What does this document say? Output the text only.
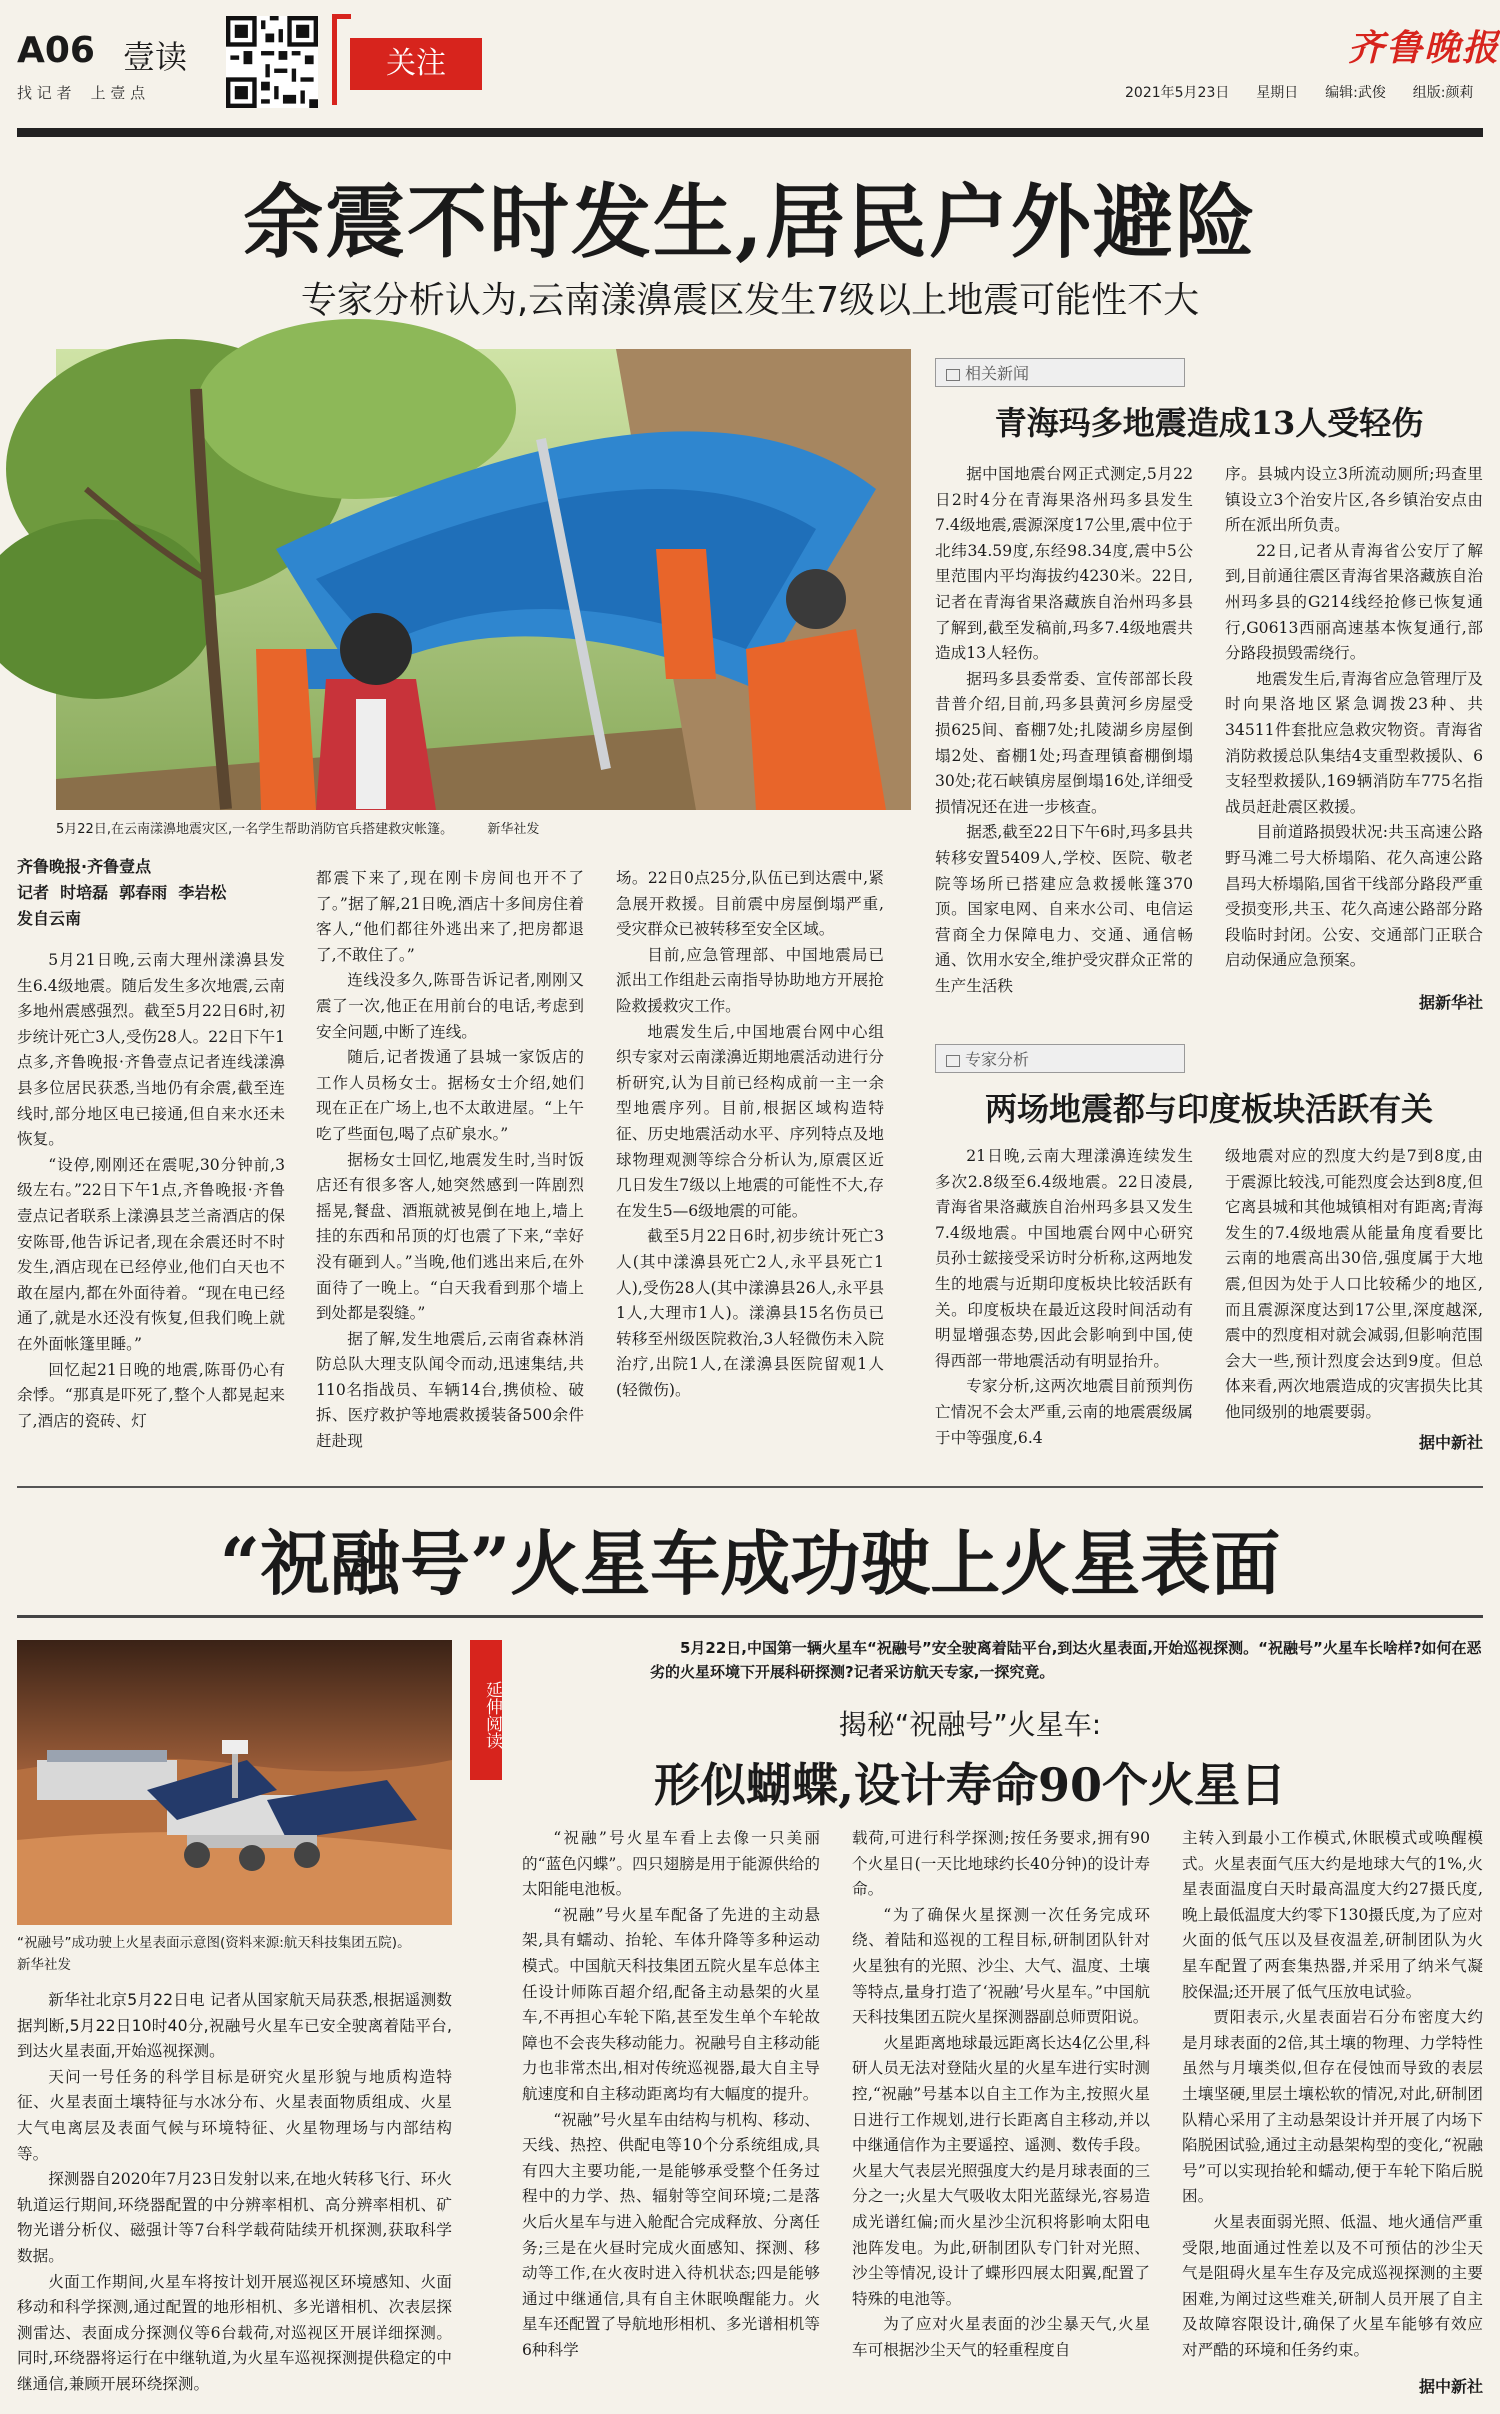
A06 壹读
找 记 者    上 壹 点
关注	齐鲁晚报
2021年5月23日 星期日 编辑:武俊 组版:颜莉
余震不时发生,居民户外避险
专家分析认为,云南漾濞震区发生7级以上地震可能性不大
5月22日,在云南漾濞地震灾区,一名学生帮助消防官兵搭建救灾帐篷。	新华社发
齐鲁晚报·齐鲁壹点
记者  时培磊  郭春雨  李岩松
发自云南

5月21日晚,云南大理州漾濞县发生6.4级地震。随后发生多次地震,云南多地州震感强烈。截至5月22日6时,初步统计死亡3人,受伤28人。22日下午1点多,齐鲁晚报·齐鲁壹点记者连线漾濞县多位居民获悉,当地仍有余震,截至连线时,部分地区电已接通,但自来水还未恢复。

“设停,刚刚还在震呢,30分钟前,3级左右。”22日下午1点,齐鲁晚报·齐鲁壹点记者联系上漾濞县芝兰斋酒店的保安陈哥,他告诉记者,现在余震还时不时发生,酒店现在已经停业,他们白天也不敢在屋内,都在外面待着。“现在电已经通了,就是水还没有恢复,但我们晚上就在外面帐篷里睡。”

回忆起21日晚的地震,陈哥仍心有余悸。“那真是吓死了,整个人都晃起来了,酒店的瓷砖、灯

都震下来了,现在刚卡房间也开不了了。”据了解,21日晚,酒店十多间房住着客人,“他们都往外逃出来了,把房都退了,不敢住了。”

连线没多久,陈哥告诉记者,刚刚又震了一次,他正在用前台的电话,考虑到安全问题,中断了连线。

随后,记者拨通了县城一家饭店的工作人员杨女士。据杨女士介绍,她们现在正在广场上,也不太敢进屋。“上午吃了些面包,喝了点矿泉水。”

据杨女士回忆,地震发生时,当时饭店还有很多客人,她突然感到一阵剧烈摇晃,餐盘、酒瓶就被晃倒在地上,墙上挂的东西和吊顶的灯也震了下来,“幸好没有砸到人。”当晚,他们逃出来后,在外面待了一晚上。“白天我看到那个墙上到处都是裂缝。”

据了解,发生地震后,云南省森林消防总队大理支队闻令而动,迅速集结,共110名指战员、车辆14台,携侦检、破拆、医疗救护等地震救援装备500余件赶赴现

场。22日0点25分,队伍已到达震中,紧急展开救援。目前震中房屋倒塌严重,受灾群众已被转移至安全区域。

目前,应急管理部、中国地震局已派出工作组赴云南指导协助地方开展抢险救援救灾工作。

地震发生后,中国地震台网中心组织专家对云南漾濞近期地震活动进行分析研究,认为目前已经构成前一主一余型地震序列。目前,根据区域构造特征、历史地震活动水平、序列特点及地球物理观测等综合分析认为,原震区近几日发生7级以上地震的可能性不大,存在发生5—6级地震的可能。

截至5月22日6时,初步统计死亡3人(其中漾濞县死亡2人,永平县死亡1人),受伤28人(其中漾濞县26人,永平县1人,大理市1人)。漾濞县15名伤员已转移至州级医院救治,3人轻微伤未入院治疗,出院1人,在漾濞县医院留观1人(轻微伤)。

相关新闻
青海玛多地震造成13人受轻伤

据中国地震台网正式测定,5月22日2时4分在青海果洛州玛多县发生7.4级地震,震源深度17公里,震中位于北纬34.59度,东经98.34度,震中5公里范围内平均海拔约4230米。22日,记者在青海省果洛藏族自治州玛多县了解到,截至发稿前,玛多7.4级地震共造成13人轻伤。

据玛多县委常委、宣传部部长段昔普介绍,目前,玛多县黄河乡房屋受损625间、畜棚7处;扎陵湖乡房屋倒塌2处、畜棚1处;玛查理镇畜棚倒塌30处;花石峡镇房屋倒塌16处,详细受损情况还在进一步核查。

据悉,截至22日下午6时,玛多县共转移安置5409人,学校、医院、敬老院等场所已搭建应急救援帐篷370顶。国家电网、自来水公司、电信运营商全力保障电力、交通、通信畅通、饮用水安全,维护受灾群众正常的生产生活秩

序。县城内设立3所流动厕所;玛查里镇设立3个治安片区,各乡镇治安点由所在派出所负责。

22日,记者从青海省公安厅了解到,目前通往震区青海省果洛藏族自治州玛多县的G214线经抢修已恢复通行,G0613西丽高速基本恢复通行,部分路段损毁需绕行。

地震发生后,青海省应急管理厅及时向果洛地区紧急调拨23种、共34511件套批应急救灾物资。青海省消防救援总队集结4支重型救援队、6支轻型救援队,169辆消防车775名指战员赶赴震区救援。

目前道路损毁状况:共玉高速公路野马滩二号大桥塌陷、花久高速公路昌玛大桥塌陷,国省干线部分路段严重受损变形,共玉、花久高速公路部分路段临时封闭。公安、交通部门正联合启动保通应急预案。

据新华社
专家分析
两场地震都与印度板块活跃有关

21日晚,云南大理漾濞连续发生多次2.8级至6.4级地震。22日凌晨,青海省果洛藏族自治州玛多县又发生7.4级地震。中国地震台网中心研究员孙士鋐接受采访时分析称,这两地发生的地震与近期印度板块比较活跃有关。印度板块在最近这段时间活动有明显增强态势,因此会影响到中国,使得西部一带地震活动有明显抬升。

专家分析,这两次地震目前预判伤亡情况不会太严重,云南的地震震级属于中等强度,6.4

级地震对应的烈度大约是7到8度,由于震源比较浅,可能烈度会达到8度,但它离县城和其他城镇相对有距离;青海发生的7.4级地震从能量角度看要比云南的地震高出30倍,强度属于大地震,但因为处于人口比较稀少的地区,而且震源深度达到17公里,深度越深,震中的烈度相对就会减弱,但影响范围会大一些,预计烈度会达到9度。但总体来看,两次地震造成的灾害损失比其他同级别的地震要弱。

据中新社
“祝融号”火星车成功驶上火星表面
“祝融号”成功驶上火星表面示意图(资料来源:航天科技集团五院)。  新华社发
延伸阅读
5月22日,中国第一辆火星车“祝融号”安全驶离着陆平台,到达火星表面,开始巡视探测。“祝融号”火星车长啥样?如何在恶劣的火星环境下开展科研探测?记者采访航天专家,一探究竟。
揭秘“祝融号”火星车:
形似蝴蝶,设计寿命90个火星日

新华社北京5月22日电 记者从国家航天局获悉,根据遥测数据判断,5月22日10时40分,祝融号火星车已安全驶离着陆平台,到达火星表面,开始巡视探测。

天问一号任务的科学目标是研究火星形貌与地质构造特征、火星表面土壤特征与水冰分布、火星表面物质组成、火星大气电离层及表面气候与环境特征、火星物理场与内部结构等。

探测器自2020年7月23日发射以来,在地火转移飞行、环火轨道运行期间,环绕器配置的中分辨率相机、高分辨率相机、矿物光谱分析仪、磁强计等7台科学载荷陆续开机探测,获取科学数据。

火面工作期间,火星车将按计划开展巡视区环境感知、火面移动和科学探测,通过配置的地形相机、多光谱相机、次表层探测雷达、表面成分探测仪等6台载荷,对巡视区开展详细探测。同时,环绕器将运行在中继轨道,为火星车巡视探测提供稳定的中继通信,兼顾开展环绕探测。

“祝融”号火星车看上去像一只美丽的“蓝色闪蝶”。四只翅膀是用于能源供给的太阳能电池板。

“祝融”号火星车配备了先进的主动悬架,具有蠕动、抬轮、车体升降等多种运动模式。中国航天科技集团五院火星车总体主任设计师陈百超介绍,配备主动悬架的火星车,不再担心车轮下陷,甚至发生单个车轮故障也不会丧失移动能力。祝融号自主移动能力也非常杰出,相对传统巡视器,最大自主导航速度和自主移动距离均有大幅度的提升。

“祝融”号火星车由结构与机构、移动、天线、热控、供配电等10个分系统组成,具有四大主要功能,一是能够承受整个任务过程中的力学、热、辐射等空间环境;二是落火后火星车与进入舱配合完成释放、分离任务;三是在火昼时完成火面感知、探测、移动等工作,在火夜时进入待机状态;四是能够通过中继通信,具有自主休眠唤醒能力。火星车还配置了导航地形相机、多光谱相机等6种科学

载荷,可进行科学探测;按任务要求,拥有90个火星日(一天比地球约长40分钟)的设计寿命。

“为了确保火星探测一次任务完成环绕、着陆和巡视的工程目标,研制团队针对火星独有的光照、沙尘、大气、温度、土壤等特点,量身打造了‘祝融’号火星车。”中国航天科技集团五院火星探测器副总师贾阳说。

火星距离地球最远距离长达4亿公里,科研人员无法对登陆火星的火星车进行实时测控,“祝融”号基本以自主工作为主,按照火星日进行工作规划,进行长距离自主移动,并以中继通信作为主要遥控、遥测、数传手段。火星大气表层光照强度大约是月球表面的三分之一;火星大气吸收太阳光蓝绿光,容易造成光谱红偏;而火星沙尘沉积将影响太阳电池阵发电。为此,研制团队专门针对光照、沙尘等情况,设计了蝶形四展太阳翼,配置了特殊的电池等。

为了应对火星表面的沙尘暴天气,火星车可根据沙尘天气的轻重程度自

主转入到最小工作模式,休眠模式或唤醒模式。火星表面气压大约是地球大气的1%,火星表面温度白天时最高温度大约27摄氏度,晚上最低温度大约零下130摄氏度,为了应对火面的低气压以及昼夜温差,研制团队为火星车配置了两套集热器,并采用了纳米气凝胶保温;还开展了低气压放电试验。

贾阳表示,火星表面岩石分布密度大约是月球表面的2倍,其土壤的物理、力学特性虽然与月壤类似,但存在侵蚀而导致的表层土壤坚硬,里层土壤松软的情况,对此,研制团队精心采用了主动悬架设计并开展了内场下陷脱困试验,通过主动悬架构型的变化,“祝融号”可以实现抬轮和蠕动,便于车轮下陷后脱困。

火星表面弱光照、低温、地火通信严重受限,地面通过性差以及不可预估的沙尘天气是阻碍火星车生存及完成巡视探测的主要困难,为阐过这些难关,研制人员开展了自主及故障容限设计,确保了火星车能够有效应对严酷的环境和任务约束。

据中新社
